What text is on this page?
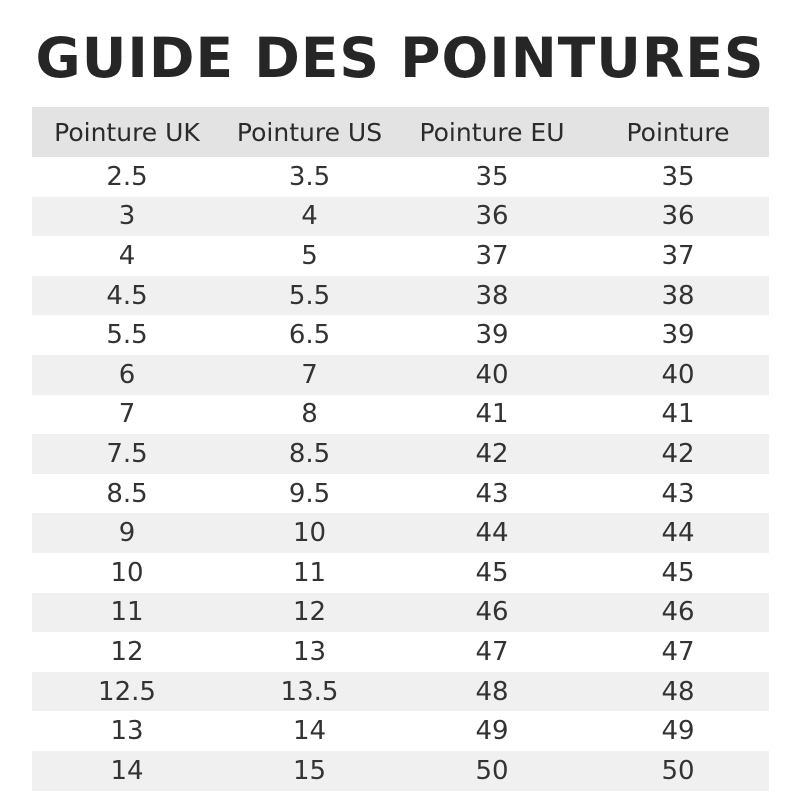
GUIDE DES POINTURES
Pointure UK	Pointure US	Pointure EU	Pointure
2.5	3.5	35	35
3	4	36	36
4	5	37	37
4.5	5.5	38	38
5.5	6.5	39	39
6	7	40	40
7	8	41	41
7.5	8.5	42	42
8.5	9.5	43	43
9	10	44	44
10	11	45	45
11	12	46	46
12	13	47	47
12.5	13.5	48	48
13	14	49	49
14	15	50	50
